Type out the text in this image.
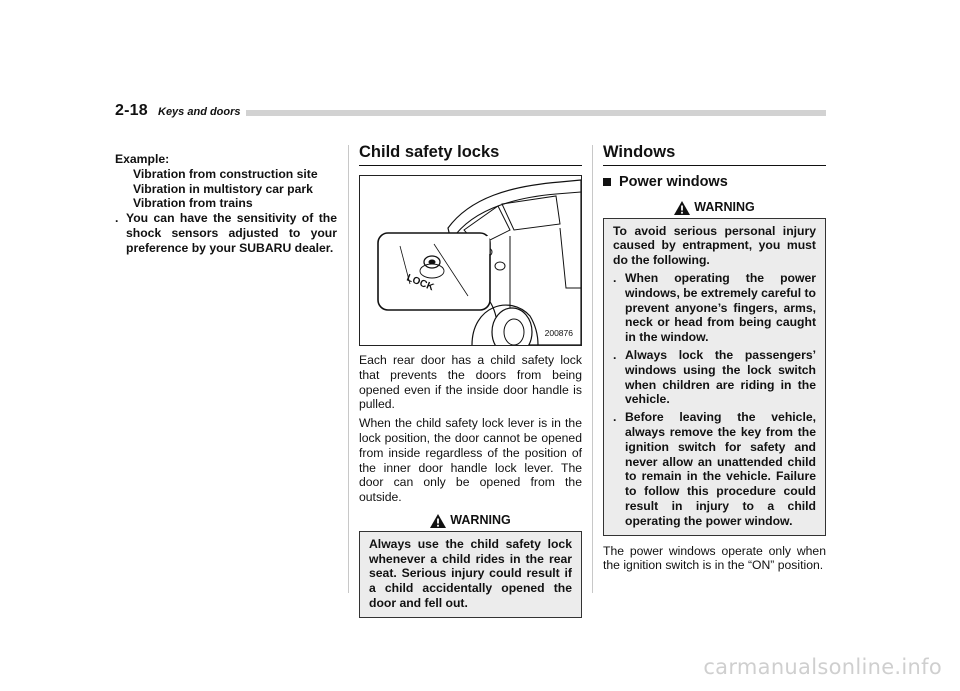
2-18 Keys and doors
Example:
Vibration from construction site
Vibration in multistory car park
Vibration from trains
. You can have the sensitivity of the shock sensors adjusted to your preference by your SUBARU dealer.
Child safety locks
LOCK
200876

Each rear door has a child safety lock that prevents the doors from being opened even if the inside door handle is pulled.

When the child safety lock lever is in the lock position, the door cannot be opened from inside regardless of the position of the inner door handle lock lever. The door can only be opened from the outside.

WARNING
Always use the child safety lock whenever a child rides in the rear seat. Serious injury could result if a child accidentally opened the door and fell out.
Windows
Power windows
WARNING
To avoid serious personal injury caused by entrapment, you must do the following.
. When operating the power windows, be extremely careful to prevent anyone’s fingers, arms, neck or head from being caught in the window.
. Always lock the passengers’ windows using the lock switch when children are riding in the vehicle.
. Before leaving the vehicle, always remove the key from the ignition switch for safety and never allow an unattended child to remain in the vehicle. Failure to follow this procedure could result in injury to a child operating the power window.

The power windows operate only when the ignition switch is in the “ON” position.

carmanualsonline.info
